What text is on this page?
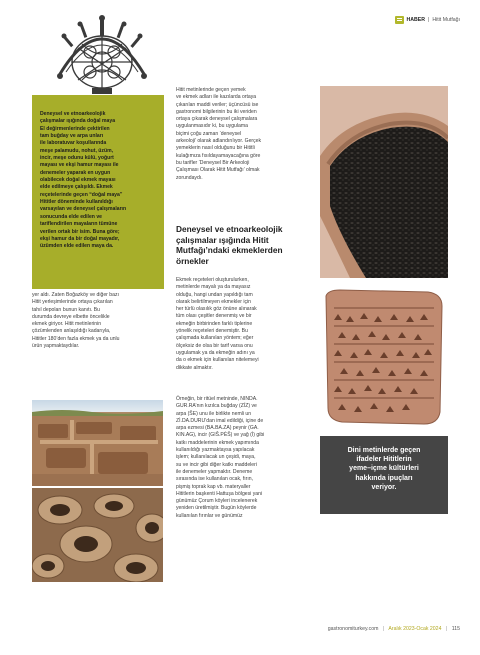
HABER | Hitit Mutfağı
Deneysel ve etnoarkeolojik
çalışmalar ışığında doğal maya
El değirmenlerinde çektirilen
tam buğday ve arpa unları
ile laboratuvar koşullarında
meşe palamudu, nohut, üzüm,
incir, meşe odunu külü, yoğurt
mayası ve ekşi hamur mayası ile
denemeler yaparak en uygun
olabilecek doğal ekmek mayası
elde edilmeye çalışıldı. Ekmek
reçetelerinde geçen “doğal maya”
Hititler döneminde kullanıldığı
varsayılan ve deneysel çalışmaların
sonucunda elde edilen ve
tariflendirilen mayaların tümüne
verilen ortak bir isim. Buna göre;
ekşi hamur da bir doğal mayadır,
üzümden elde edilen maya da.

yer aldı. Zaten Boğazköy ve diğer bazı

Hitit yerleşimlerinde ortaya çıkarılan

tahıl depoları bunun kanıtı. Bu

durumda devreye elbette öncelikle

ekmek giriyor. Hitit metinlerinin

çözümlenden anlaşıldığı kadarıyla,

Hititler 180’den fazla ekmek ya da unlu

ürün yapmaktaydılar.

Hitit metinlerinde geçen yemek

ve ekmek adları ile kazılarda ortaya

çıkarılan maddi veriler; üçüncüsü ise

gastronomi bilgilerinin bu iki veriden

ortaya çıkarak deneysel çalışmalara

uygulanmasıdır ki, bu uygulama

biçimi çoğu zaman ‘deneysel

arkeoloji’ olarak adlandırılıyor. Gerçek

yemeklerin nasıl olduğunu bir Hititli

kulağımıza fısıldayamayacağına göre

bu tarifler ‘Deneysel Bir Arkeoloji

Çalışması Olarak Hitit Mutfağı’ olmak

zorundaydı.

Deneysel ve etnoarkeolojik
çalışmalar ışığında Hitit
Mutfağı’ndaki ekmeklerden
örnekler

Ekmek reçeteleri oluşturulurken,

metinlerde mayalı ya da mayasız

olduğu, hangi undan yapıldığı tam

olarak belirtilmeyen ekmekler için

her türlü olasılık göz önüne alınarak

tüm olası çeşitler denenmiş ve bir

ekmeğin birbirinden farklı tiplerine

yönelik reçeteleri denemiştir. Bu

çalışmada kullanılan yöntem; eğer

ölçeksiz de olsa bir tarif varsa onu

uygulamak ya da ekmeğin adını ya

da o ekmek için kullanılan nitelemeyi

dikkate almaktır.

Örneğin, bir ritüel metninde, NINDA.

GUR.RA’nın kızılca buğday (ZÍZ) ve

arpa (ŠE) unu ile birlikte nemli un

ZÌ.DA.DURU’dan imal edildiği, içine de

arpa ezmesi (BA.BA.ZA) peynir (GA.

KIN.AG), incir (GIŠ.PÈŠ) ve yağ (Ì) gibi

katkı maddelerinin ekmek yapımında

kullanıldığı yazmaktaysa yapılacak

işlem; kullanılacak un çeşidi, maya,

su ve incir gibi diğer katkı maddeleri

ile denemeler yapmaktır. Deneme

sırasında ise kullanılan ocak, fırın,

pişmiş toprak kap vb. materyaller

Hititlerin başkenti Hattuşa bölgesi yani

günümüz Çorum köyleri incelenerek

yeniden üretilmiştir. Bugün köylerde

kullanılan fırınlar ve günümüz

Dini metinlerde geçen
ifadeler Hititlerin
yeme–içme kültürleri
hakkında ipuçları
veriyor.
gastronomiturkey.com | Aralık 2023-Ocak 2024 | 115
